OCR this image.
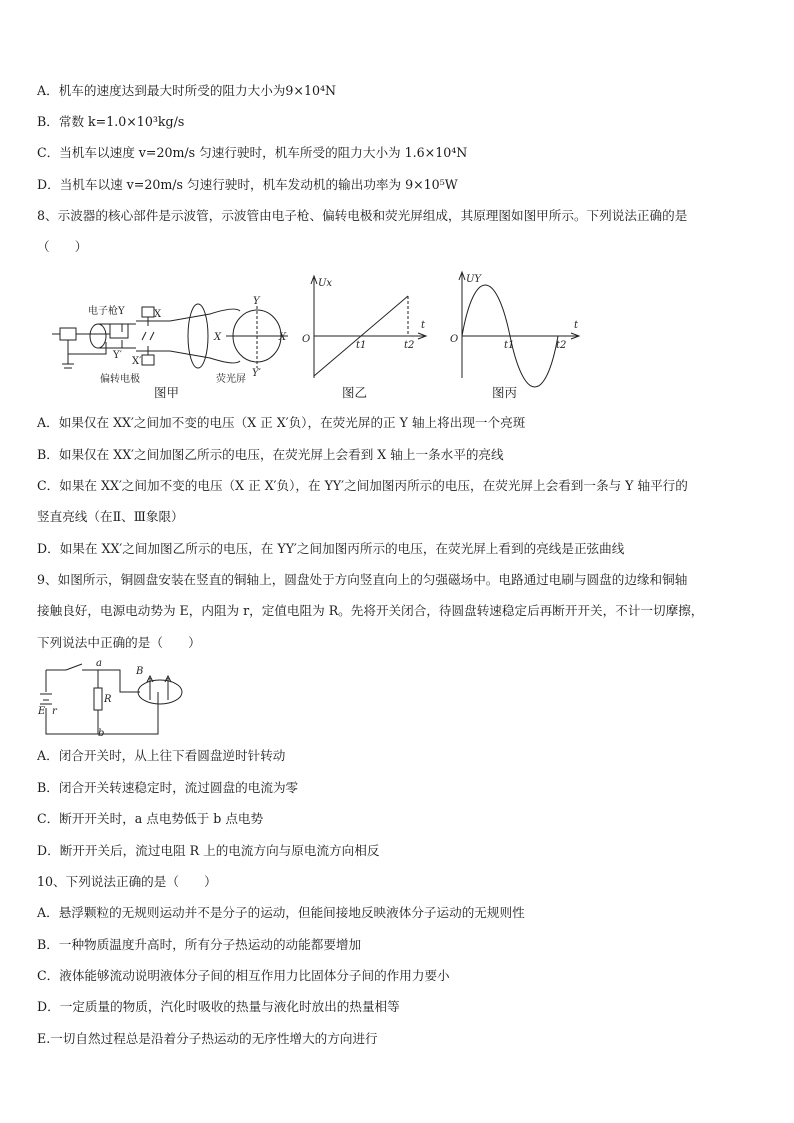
A．机车的速度达到最大时所受的阻力大小为9×10⁴N
B．常数 k=1.0×10³kg/s
C．当机车以速度 v=20m/s 匀速行驶时，机车所受的阻力大小为 1.6×10⁴N
D．当机车以速 v=20m/s 匀速行驶时，机车发动机的输出功率为 9×10⁵W
8、示波器的核心部件是示波管，示波管由电子枪、偏转电极和荧光屏组成，其原理图如图甲所示。下列说法正确的是
（　　）
电子枪 Y	X
Y′
X′
偏转电极	荧光屏
X	X
Y
Y′
图甲
Ux
O
t1	t2
t
图乙
UY
O
t1	t2
t
图丙
A．如果仅在 XX′之间加不变的电压（X 正 X′负），在荧光屏的正 Y 轴上将出现一个亮斑
B．如果仅在 XX′之间加图乙所示的电压，在荧光屏上会看到 X 轴上一条水平的亮线
C．如果在 XX′之间加不变的电压（X 正 X′负），在 YY′之间加图丙所示的电压，在荧光屏上会看到一条与 Y 轴平行的
竖直亮线（在Ⅱ、Ⅲ象限）
D．如果在 XX′之间加图乙所示的电压，在 YY′之间加图丙所示的电压，在荧光屏上看到的亮线是正弦曲线
9、如图所示，铜圆盘安装在竖直的铜轴上，圆盘处于方向竖直向上的匀强磁场中。电路通过电刷与圆盘的边缘和铜轴
接触良好，电源电动势为 E，内阻为 r，定值电阻为 R。先将开关闭合，待圆盘转速稳定后再断开开关，不计一切摩擦，
下列说法中正确的是（　　）
a
b
R
E r
B
A．闭合开关时，从上往下看圆盘逆时针转动
B．闭合开关转速稳定时，流过圆盘的电流为零
C．断开开关时，a 点电势低于 b 点电势
D．断开开关后，流过电阻 R 上的电流方向与原电流方向相反
10、下列说法正确的是（　　）
A．悬浮颗粒的无规则运动并不是分子的运动，但能间接地反映液体分子运动的无规则性
B．一种物质温度升高时，所有分子热运动的动能都要增加
C．液体能够流动说明液体分子间的相互作用力比固体分子间的作用力要小
D．一定质量的物质，汽化时吸收的热量与液化时放出的热量相等
E.一切自然过程总是沿着分子热运动的无序性增大的方向进行
